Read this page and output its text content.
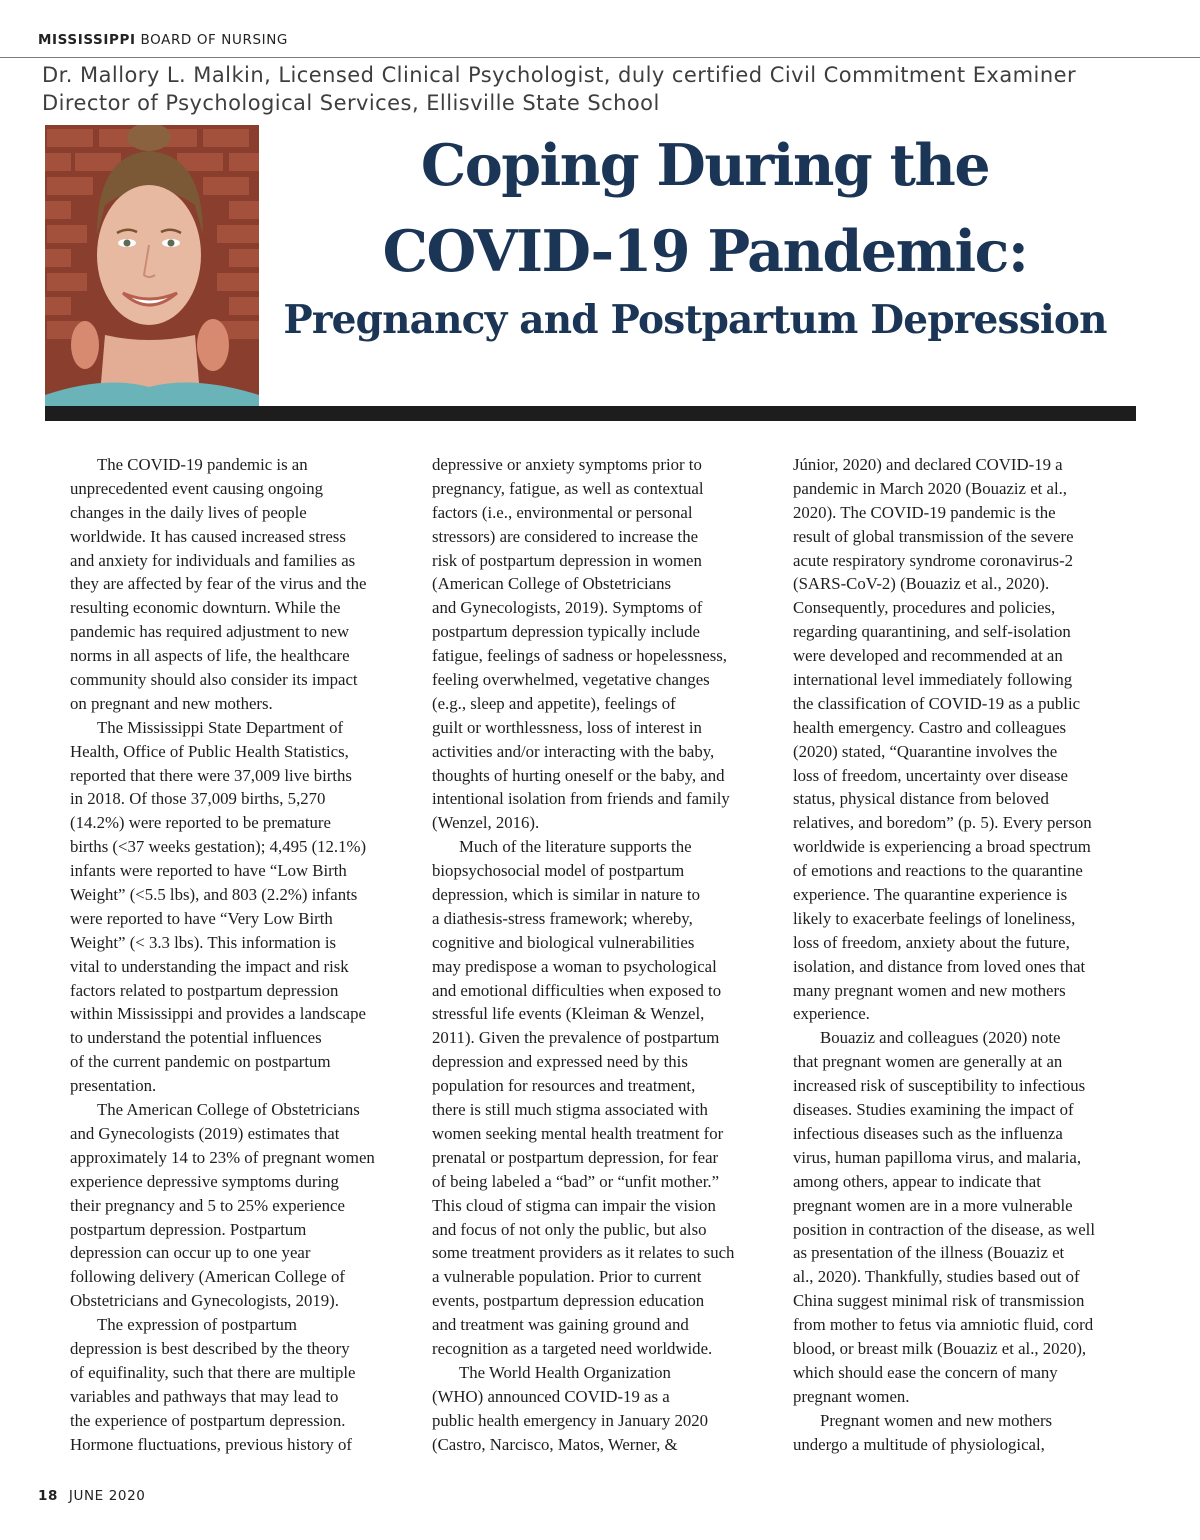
MISSISSIPPI BOARD OF NURSING
Dr. Mallory L. Malkin, Licensed Clinical Psychologist, duly certified Civil Commitment Examiner
Director of Psychological Services, Ellisville State School
Coping During the
COVID-19 Pandemic:
Pregnancy and Postpartum Depression
The COVID-19 pandemic is an
unprecedented event causing ongoing
changes in the daily lives of people
worldwide. It has caused increased stress
and anxiety for individuals and families as
they are affected by fear of the virus and the
resulting economic downturn. While the
pandemic has required adjustment to new
norms in all aspects of life, the healthcare
community should also consider its impact
on pregnant and new mothers.
The Mississippi State Department of
Health, Office of Public Health Statistics,
reported that there were 37,009 live births
in 2018. Of those 37,009 births, 5,270
(14.2%) were reported to be premature
births (<37 weeks gestation); 4,495 (12.1%)
infants were reported to have “Low Birth
Weight” (<5.5 lbs), and 803 (2.2%) infants
were reported to have “Very Low Birth
Weight” (< 3.3 lbs). This information is
vital to understanding the impact and risk
factors related to postpartum depression
within Mississippi and provides a landscape
to understand the potential influences
of the current pandemic on postpartum
presentation.
The American College of Obstetricians
and Gynecologists (2019) estimates that
approximately 14 to 23% of pregnant women
experience depressive symptoms during
their pregnancy and 5 to 25% experience
postpartum depression. Postpartum
depression can occur up to one year
following delivery (American College of
Obstetricians and Gynecologists, 2019).
The expression of postpartum
depression is best described by the theory
of equifinality, such that there are multiple
variables and pathways that may lead to
the experience of postpartum depression.
Hormone fluctuations, previous history of
depressive or anxiety symptoms prior to
pregnancy, fatigue, as well as contextual
factors (i.e., environmental or personal
stressors) are considered to increase the
risk of postpartum depression in women
(American College of Obstetricians
and Gynecologists, 2019). Symptoms of
postpartum depression typically include
fatigue, feelings of sadness or hopelessness,
feeling overwhelmed, vegetative changes
(e.g., sleep and appetite), feelings of
guilt or worthlessness, loss of interest in
activities and/or interacting with the baby,
thoughts of hurting oneself or the baby, and
intentional isolation from friends and family
(Wenzel, 2016).
Much of the literature supports the
biopsychosocial model of postpartum
depression, which is similar in nature to
a diathesis-stress framework; whereby,
cognitive and biological vulnerabilities
may predispose a woman to psychological
and emotional difficulties when exposed to
stressful life events (Kleiman & Wenzel,
2011). Given the prevalence of postpartum
depression and expressed need by this
population for resources and treatment,
there is still much stigma associated with
women seeking mental health treatment for
prenatal or postpartum depression, for fear
of being labeled a “bad” or “unfit mother.”
This cloud of stigma can impair the vision
and focus of not only the public, but also
some treatment providers as it relates to such
a vulnerable population. Prior to current
events, postpartum depression education
and treatment was gaining ground and
recognition as a targeted need worldwide.
The World Health Organization
(WHO) announced COVID-19 as a
public health emergency in January 2020
(Castro, Narcisco, Matos, Werner, &
Júnior, 2020) and declared COVID-19 a
pandemic in March 2020 (Bouaziz et al.,
2020). The COVID-19 pandemic is the
result of global transmission of the severe
acute respiratory syndrome coronavirus-2
(SARS-CoV-2) (Bouaziz et al., 2020).
Consequently, procedures and policies,
regarding quarantining, and self-isolation
were developed and recommended at an
international level immediately following
the classification of COVID-19 as a public
health emergency. Castro and colleagues
(2020) stated, “Quarantine involves the
loss of freedom, uncertainty over disease
status, physical distance from beloved
relatives, and boredom” (p. 5). Every person
worldwide is experiencing a broad spectrum
of emotions and reactions to the quarantine
experience. The quarantine experience is
likely to exacerbate feelings of loneliness,
loss of freedom, anxiety about the future,
isolation, and distance from loved ones that
many pregnant women and new mothers
experience.
Bouaziz and colleagues (2020) note
that pregnant women are generally at an
increased risk of susceptibility to infectious
diseases. Studies examining the impact of
infectious diseases such as the influenza
virus, human papilloma virus, and malaria,
among others, appear to indicate that
pregnant women are in a more vulnerable
position in contraction of the disease, as well
as presentation of the illness (Bouaziz et
al., 2020). Thankfully, studies based out of
China suggest minimal risk of transmission
from mother to fetus via amniotic fluid, cord
blood, or breast milk (Bouaziz et al., 2020),
which should ease the concern of many
pregnant women.
Pregnant women and new mothers
undergo a multitude of physiological,
18 JUNE 2020
